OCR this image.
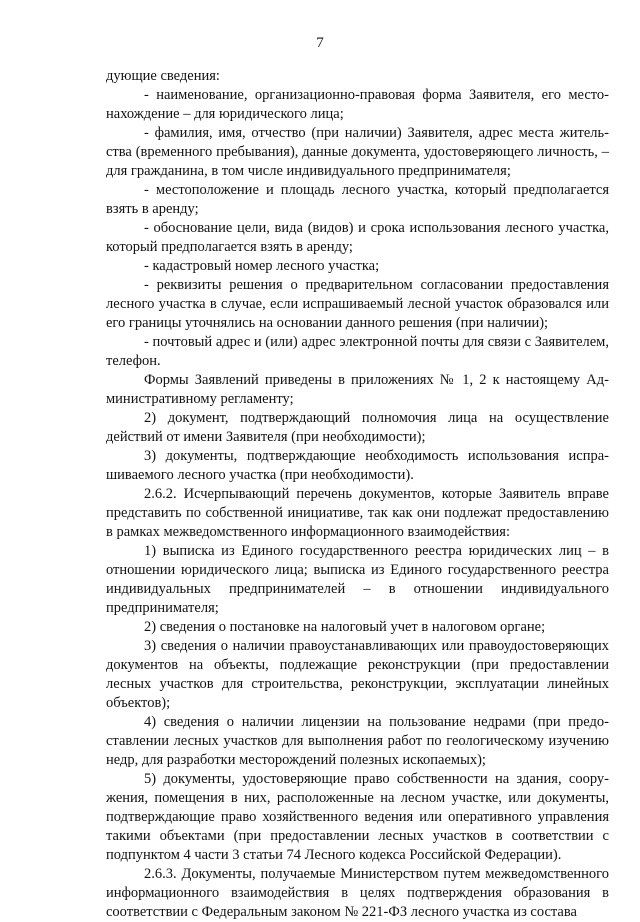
7

дующие сведения:

- наименование, организационно-правовая форма Заявителя, его местонахождение – для юридического лица;

- фамилия, имя, отчество (при наличии) Заявителя, адрес места жительства (временного пребывания), данные документа, удостоверяющего личность, – для гражданина, в том числе индивидуального предпринимателя;

- местоположение и площадь лесного участка, который предполагается взять в аренду;

- обоснование цели, вида (видов) и срока использования лесного участка, который предполагается взять в аренду;

- кадастровый номер лесного участка;

- реквизиты решения о предварительном согласовании предоставления лесного участка в случае, если испрашиваемый лесной участок образовался или его границы уточнялись на основании данного решения (при наличии);

- почтовый адрес и (или) адрес электронной почты для связи с Заявителем, телефон.

Формы Заявлений приведены в приложениях № 1, 2 к настоящему Административному регламенту;

2) документ, подтверждающий полномочия лица на осуществление действий от имени Заявителя (при необходимости);

3) документы, подтверждающие необходимость использования испрашиваемого лесного участка (при необходимости).

2.6.2. Исчерпывающий перечень документов, которые Заявитель вправе представить по собственной инициативе, так как они подлежат предоставлению в рамках межведомственного информационного взаимодействия:

1) выписка из Единого государственного реестра юридических лиц – в отношении юридического лица; выписка из Единого государственного реестра индивидуальных предпринимателей – в отношении индивидуального предпринимателя;

2) сведения о постановке на налоговый учет в налоговом органе;

3) сведения о наличии правоустанавливающих или правоудостоверяющих документов на объекты, подлежащие реконструкции (при предоставлении лесных участков для строительства, реконструкции, эксплуатации линейных объектов);

4) сведения о наличии лицензии на пользование недрами (при предоставлении лесных участков для выполнения работ по геологическому изучению недр, для разработки месторождений полезных ископаемых);

5) документы, удостоверяющие право собственности на здания, сооружения, помещения в них, расположенные на лесном участке, или документы, подтверждающие право хозяйственного ведения или оперативного управления такими объектами (при предоставлении лесных участков в соответствии с подпунктом 4 части 3 статьи 74 Лесного кодекса Российской Федерации).

2.6.3. Документы, получаемые Министерством путем межведомственного информационного взаимодействия в целях подтверждения образования в соответствии с Федеральным законом № 221-ФЗ лесного участка из состава
